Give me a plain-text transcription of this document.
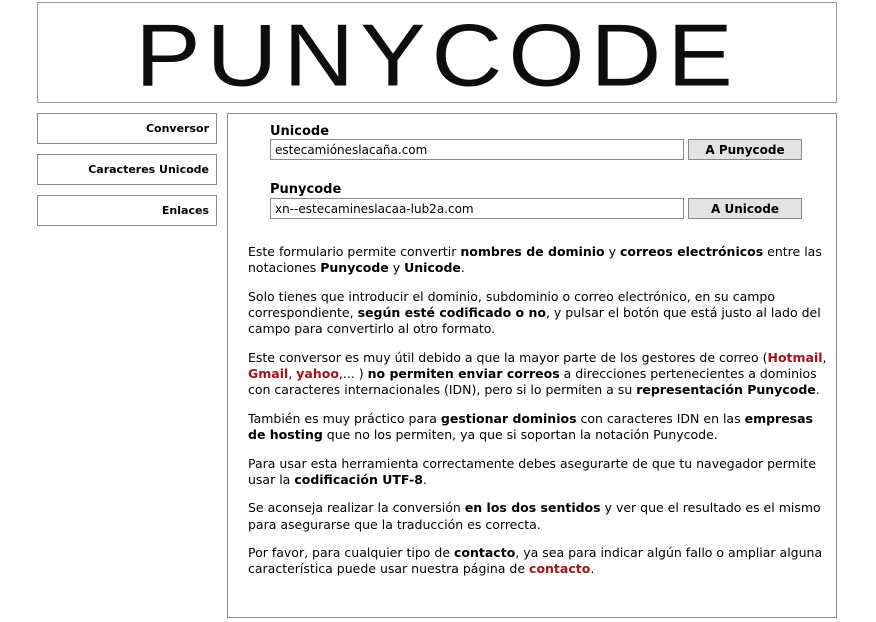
PUNYCODE
Conversor
Caracteres Unicode
Enlaces
Unicode
estecamióneslacaña.com
A Punycode
Punycode
xn--estecamineslacaa-lub2a.com
A Unicode

Este formulario permite convertir nombres de dominio y correos electrónicos entre las notaciones Punycode y Unicode.

Solo tienes que introducir el dominio, subdominio o correo electrónico, en su campo correspondiente, según esté codificado o no, y pulsar el botón que está justo al lado del campo para convertirlo al otro formato.

Este conversor es muy útil debido a que la mayor parte de los gestores de correo (Hotmail, Gmail, yahoo,... ) no permiten enviar correos a direcciones pertenecientes a dominios con caracteres internacionales (IDN), pero si lo permiten a su representación Punycode.

También es muy práctico para gestionar dominios con caracteres IDN en las empresas de hosting que no los permiten, ya que si soportan la notación Punycode.

Para usar esta herramienta correctamente debes asegurarte de que tu navegador permite usar la codificación UTF-8.

Se aconseja realizar la conversión en los dos sentidos y ver que el resultado es el mismo para asegurarse que la traducción es correcta.

Por favor, para cualquier tipo de contacto, ya sea para indicar algún fallo o ampliar alguna característica puede usar nuestra página de contacto.
